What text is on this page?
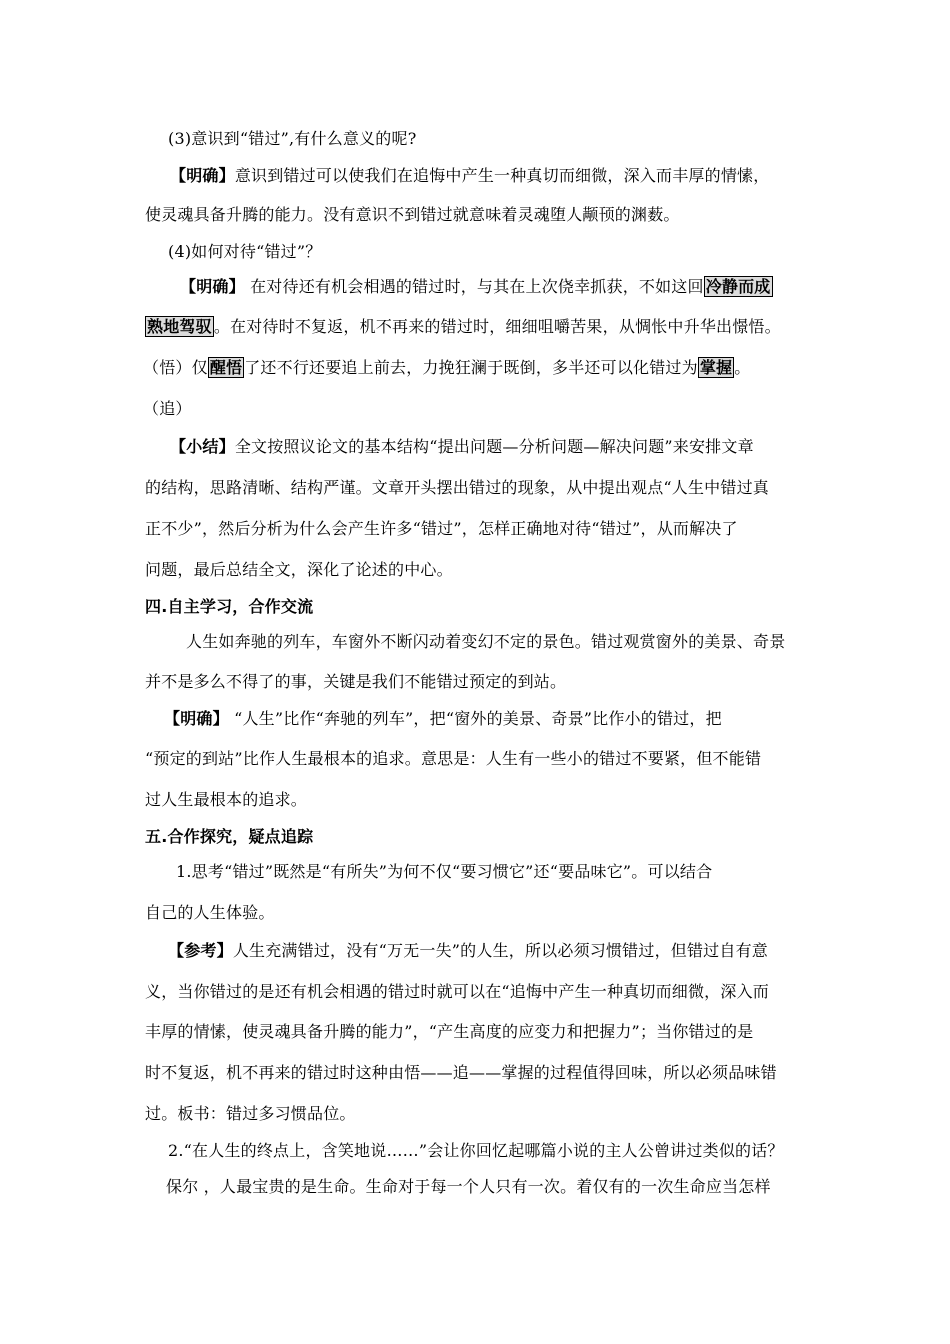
(3)意识到“错过”,有什么意义的呢?
【明确】意识到错过可以使我们在追悔中产生一种真切而细微，深入而丰厚的情愫，
使灵魂具备升腾的能力。没有意识不到错过就意味着灵魂堕人颟顸的渊薮。
(4)如何对待“错过”？
【明确】 在对待还有机会相遇的错过时，与其在上次侥幸抓获，不如这回 冷静而成
熟地驾驭 。在对待时不复返，机不再来的错过时，细细咀嚼苦果，从惆怅中升华出憬悟。
（悟）仅 醒悟 了还不行还要追上前去，力挽狂澜于既倒，多半还可以化错过为 掌握 。
（追）
【小结】全文按照议论文的基本结构“提出问题—分析问题—解决问题”来安排文章
的结构，思路清晰、结构严谨。文章开头摆出错过的现象，从中提出观点“人生中错过真
正不少”，然后分析为什么会产生许多“错过”，怎样正确地对待“错过”，从而解决了
问题，最后总结全文，深化了论述的中心。
四.自主学习，合作交流
人生如奔驰的列车，车窗外不断闪动着变幻不定的景色。错过观赏窗外的美景、奇景
并不是多么不得了的事，关键是我们不能错过预定的到站。
【明确】 “人生”比作“奔驰的列车”，把“窗外的美景、奇景”比作小的错过，把
“预定的到站”比作人生最根本的追求。意思是：人生有一些小的错过不要紧，但不能错
过人生最根本的追求。
五.合作探究，疑点追踪
1.思考“错过”既然是“有所失”为何不仅“要习惯它”还“要品味它”。可以结合
自己的人生体验。
【参考】人生充满错过，没有“万无一失”的人生，所以必须习惯错过，但错过自有意
义，当你错过的是还有机会相遇的错过时就可以在“追悔中产生一种真切而细微，深入而
丰厚的情愫，使灵魂具备升腾的能力”，“产生高度的应变力和把握力”；当你错过的是
时不复返，机不再来的错过时这种由悟——追——掌握的过程值得回味，所以必须品味错
过。板书：错过多习惯品位。
2.“在人生的终点上，含笑地说……”会让你回忆起哪篇小说的主人公曾讲过类似的话？
保尔 ，人最宝贵的是生命。生命对于每一个人只有一次。着仅有的一次生命应当怎样
